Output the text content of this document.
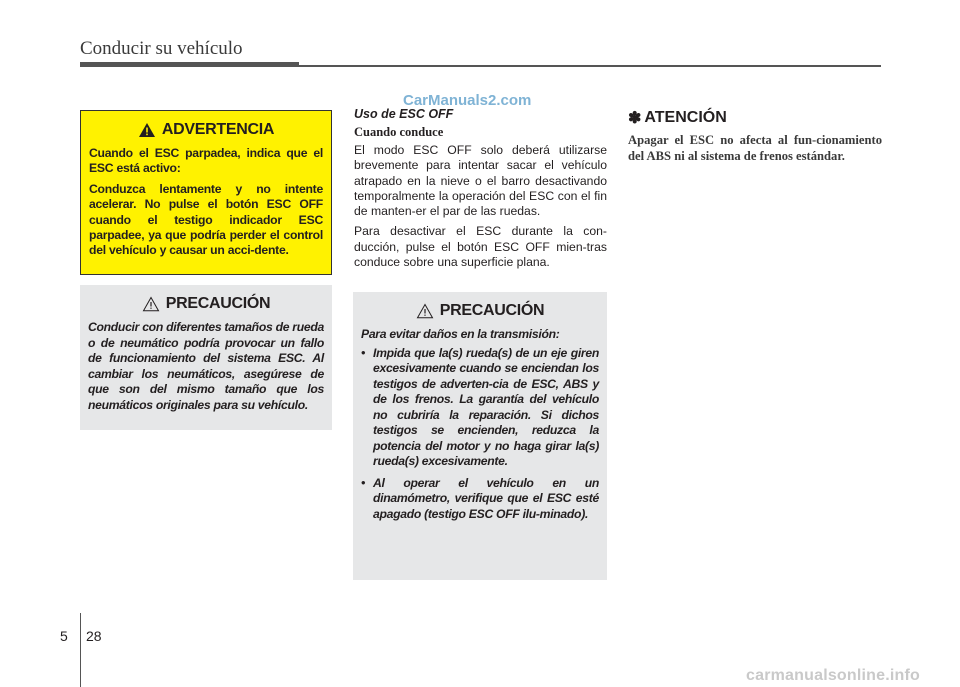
Conducir su vehículo
CarManuals2.com
ADVERTENCIA

Cuando el ESC parpadea, indica que el ESC está activo:

Conduzca lentamente y no intente acelerar. No pulse el botón ESC OFF cuando el testigo indicador ESC parpadee, ya que podría perder el control del vehículo y causar un acci-dente.

PRECAUCIÓN

Conducir con diferentes tamaños de rueda o de neumático podría provocar un fallo de funcionamiento del sistema ESC. Al cambiar los neumáticos, asegúrese de que son del mismo tamaño que los neumáticos originales para su vehículo.

Uso de ESC OFF

Cuando conduce

El modo ESC OFF solo deberá utilizarse brevemente para intentar sacar el vehículo atrapado en la nieve o el barro desactivando temporalmente la operación del ESC con el fin de manten-er el par de las ruedas.

Para desactivar el ESC durante la con-ducción, pulse el botón ESC OFF mien-tras conduce sobre una superficie plana.

PRECAUCIÓN

Para evitar daños en la transmisión:

• Impida que la(s) rueda(s) de un eje giren excesivamente cuando se enciendan los testigos de adverten-cia de ESC, ABS y de los frenos. La garantía del vehículo no cubriría la reparación. Si dichos testigos se encienden, reduzca la potencia del motor y no haga girar la(s) rueda(s) excesivamente.
• Al operar el vehículo en un dinamómetro, verifique que el ESC esté apagado (testigo ESC OFF ilu-minado).
✽ ATENCIÓN

Apagar el ESC no afecta al fun-cionamiento del ABS ni al sistema de frenos estándar.

5 28
carmanualsonline.info
